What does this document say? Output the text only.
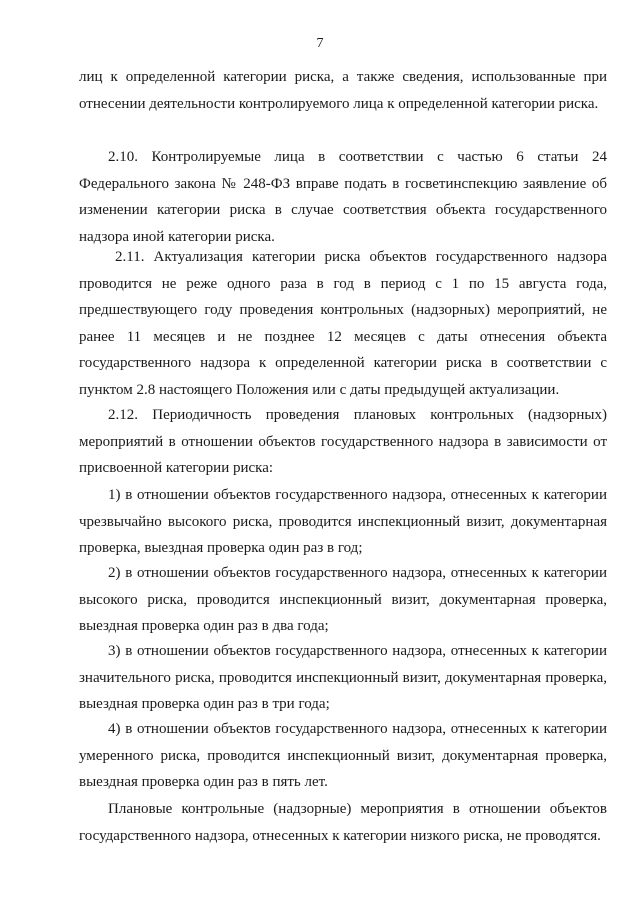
7

лиц к определенной категории риска, а также сведения, использованные при отнесении деятельности контролируемого лица к определенной категории риска.

2.10. Контролируемые лица в соответствии с частью 6 статьи 24 Федерального закона № 248-ФЗ вправе подать в госветинспекцию заявление об изменении категории риска в случае соответствия объекта государственного надзора иной категории риска.

2.11. Актуализация категории риска объектов государственного надзора проводится не реже одного раза в год в период с 1 по 15 августа года, предшествующего году проведения контрольных (надзорных) мероприятий, не ранее 11 месяцев и не позднее 12 месяцев с даты отнесения объекта государственного надзора к определенной категории риска в соответствии с пунктом 2.8 настоящего Положения или с даты предыдущей актуализации.

2.12. Периодичность проведения плановых контрольных (надзорных) мероприятий в отношении объектов государственного надзора в зависимости от присвоенной категории риска:

1) в отношении объектов государственного надзора, отнесенных к категории чрезвычайно высокого риска, проводится инспекционный визит, документарная проверка, выездная проверка один раз в год;

2) в отношении объектов государственного надзора, отнесенных к категории высокого риска, проводится инспекционный визит, документарная проверка, выездная проверка один раз в два года;

3) в отношении объектов государственного надзора, отнесенных к категории значительного риска, проводится инспекционный визит, документарная проверка, выездная проверка один раз в три года;

4) в отношении объектов государственного надзора, отнесенных к категории умеренного риска, проводится инспекционный визит, документарная проверка, выездная проверка один раз в пять лет.

Плановые контрольные (надзорные) мероприятия в отношении объектов государственного надзора, отнесенных к категории низкого риска, не проводятся.
